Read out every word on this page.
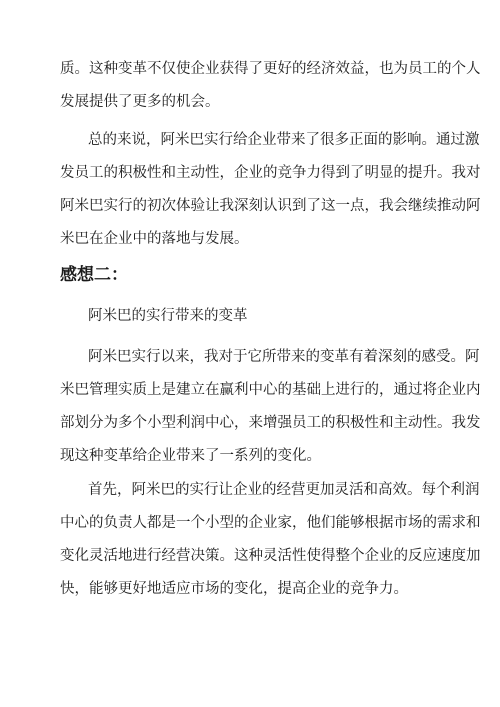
质。这种变革不仅使企业获得了更好的经济效益，也为员工的个人
发展提供了更多的机会。
总的来说，阿米巴实行给企业带来了很多正面的影响。通过激
发员工的积极性和主动性，企业的竞争力得到了明显的提升。我对
阿米巴实行的初次体验让我深刻认识到了这一点，我会继续推动阿
米巴在企业中的落地与发展。
感想二：
阿米巴的实行带来的变革
阿米巴实行以来，我对于它所带来的变革有着深刻的感受。阿
米巴管理实质上是建立在赢利中心的基础上进行的，通过将企业内
部划分为多个小型利润中心，来增强员工的积极性和主动性。我发
现这种变革给企业带来了一系列的变化。
首先，阿米巴的实行让企业的经营更加灵活和高效。每个利润
中心的负责人都是一个小型的企业家，他们能够根据市场的需求和
变化灵活地进行经营决策。这种灵活性使得整个企业的反应速度加
快，能够更好地适应市场的变化，提高企业的竞争力。
